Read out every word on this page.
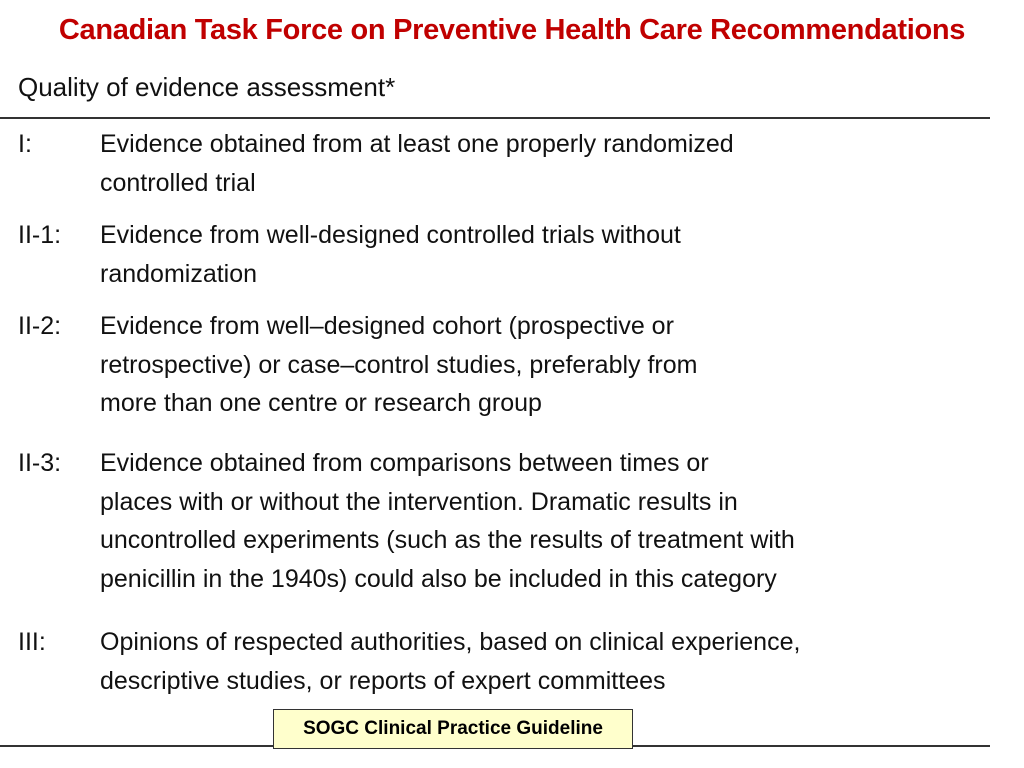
Canadian Task Force on Preventive Health Care Recommendations
Quality of evidence assessment*
I:	Evidence obtained from at least one properly randomized
controlled trial
II-1: Evidence from well-designed controlled trials without
randomization
II-2: Evidence from well–designed cohort (prospective or
retrospective) or case–control studies, preferably from
more than one centre or research group
II-3: Evidence obtained from comparisons between times or
places with or without the intervention. Dramatic results in
uncontrolled experiments (such as the results of treatment with
penicillin in the 1940s) could also be included in this category
III: Opinions of respected authorities, based on clinical experience,
descriptive studies, or reports of expert committees
SOGC Clinical Practice Guideline
